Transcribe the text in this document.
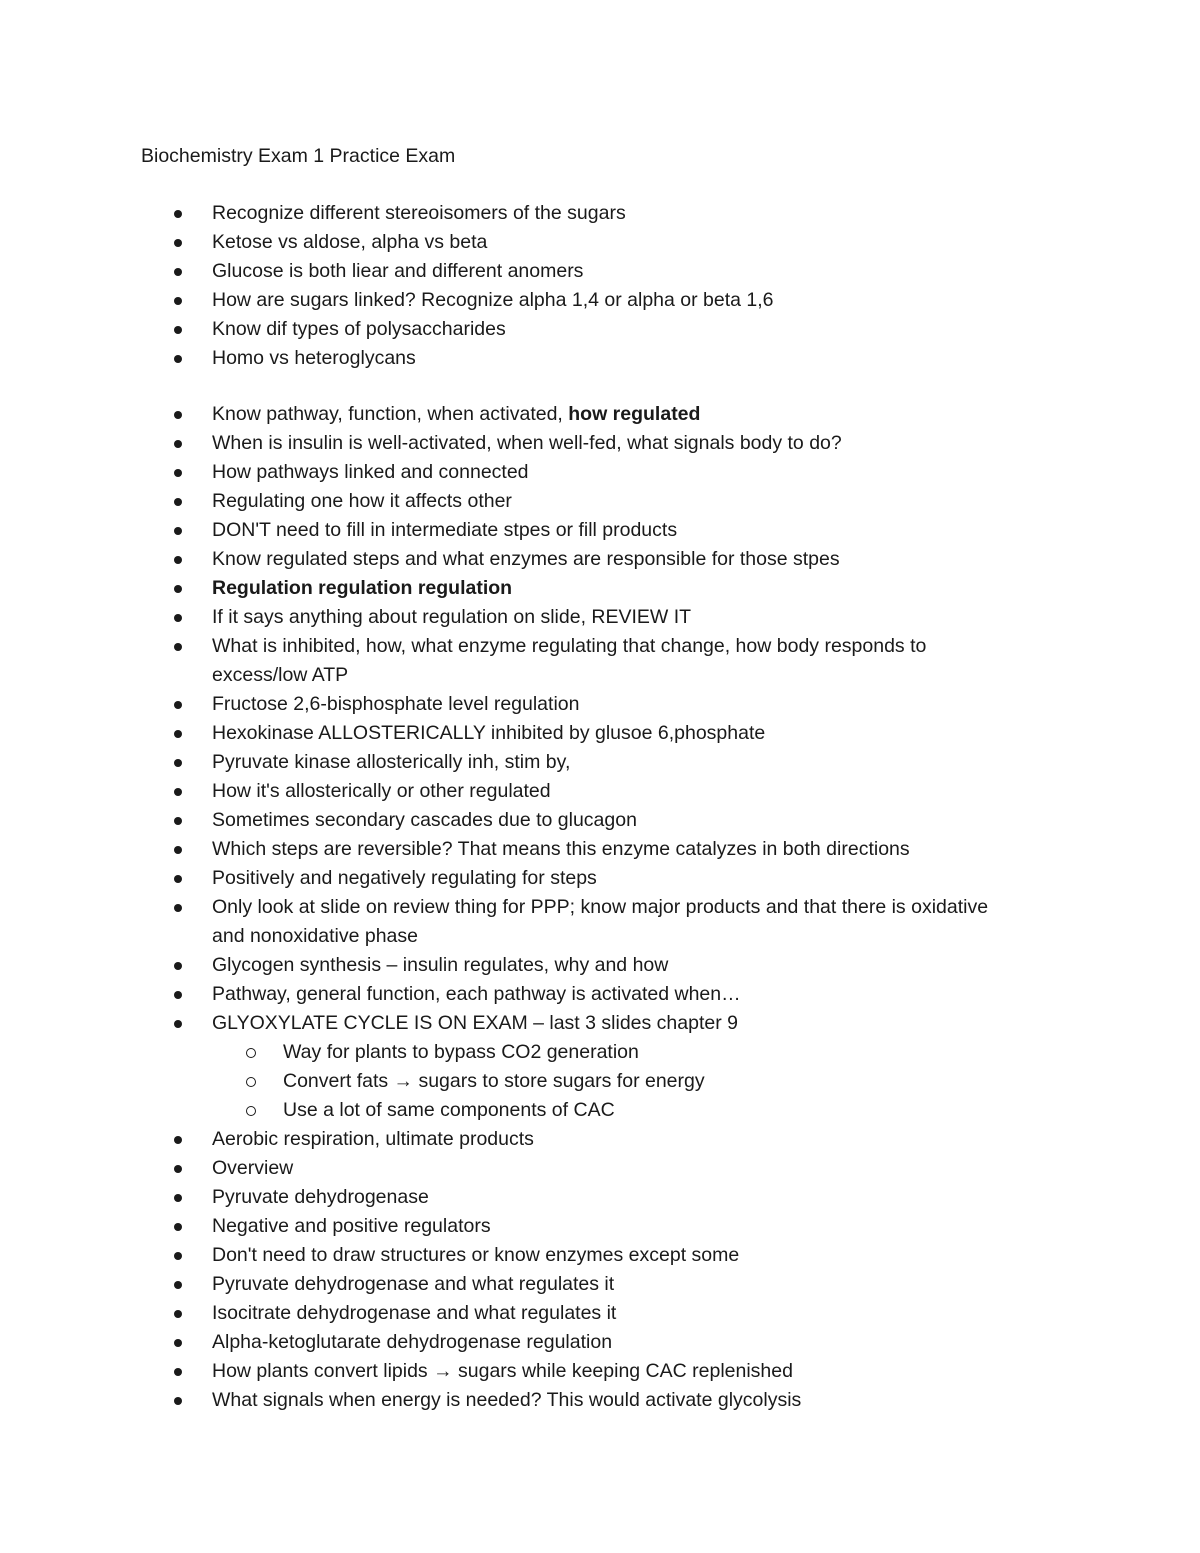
Biochemistry Exam 1 Practice Exam
Recognize different stereoisomers of the sugars
Ketose vs aldose, alpha vs beta
Glucose is both liear and different anomers
How are sugars linked? Recognize alpha 1,4 or alpha or beta 1,6
Know dif types of polysaccharides
Homo vs heteroglycans
Know pathway, function, when activated, how regulated
When is insulin is well-activated, when well-fed, what signals body to do?
How pathways linked and connected
Regulating one how it affects other
DON'T need to fill in intermediate stpes or fill products
Know regulated steps and what enzymes are responsible for those stpes
Regulation regulation regulation
If it says anything about regulation on slide, REVIEW IT
What is inhibited, how, what enzyme regulating that change, how body responds to excess/low ATP
Fructose 2,6-bisphosphate level regulation
Hexokinase ALLOSTERICALLY inhibited by glusoe 6,phosphate
Pyruvate kinase allosterically inh, stim by,
How it's allosterically or other regulated
Sometimes secondary cascades due to glucagon
Which steps are reversible? That means this enzyme catalyzes in both directions
Positively and negatively regulating for steps
Only look at slide on review thing for PPP; know major products and that there is oxidative and nonoxidative phase
Glycogen synthesis – insulin regulates, why and how
Pathway, general function, each pathway is activated when…
GLYOXYLATE CYCLE IS ON EXAM – last 3 slides chapter 9
Way for plants to bypass CO2 generation
Convert fats → sugars to store sugars for energy
Use a lot of same components of CAC
Aerobic respiration, ultimate products
Overview
Pyruvate dehydrogenase
Negative and positive regulators
Don't need to draw structures or know enzymes except some
Pyruvate dehydrogenase and what regulates it
Isocitrate dehydrogenase and what regulates it
Alpha-ketoglutarate dehydrogenase regulation
How plants convert lipids → sugars while keeping CAC replenished
What signals when energy is needed? This would activate glycolysis
